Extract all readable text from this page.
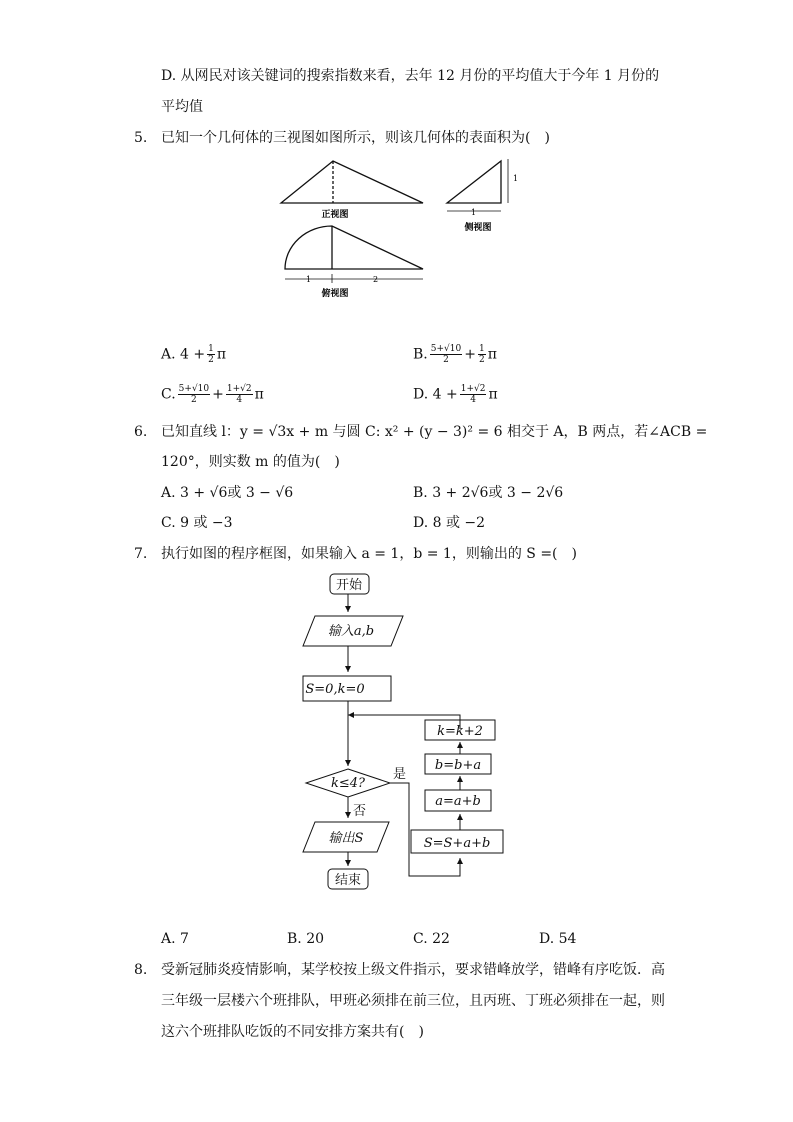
D. 从网民对该关键词的搜索指数来看，去年 12 月份的平均值大于今年 1 月份的
平均值
5. 已知一个几何体的三视图如图所示，则该几何体的表面积为(　)
正视图
1
1
侧视图
1	2
俯视图
A. $4 + \frac{1}{2}$ π	B. $\frac{5+√10}{2} + \frac{1}{2}$ π
C. $\frac{5+√10}{2} + \frac{1+√2}{4}$ π	D. $4 + \frac{1+√2}{4}$ π
6. 已知直线 l：y = √3x + m 与圆 C: x² + (y − 3)² = 6 相交于 A，B 两点，若∠ACB =
120°，则实数 m 的值为(　)
A. 3 + √6或 3 − √6	B. 3 + 2√6或 3 − 2√6
C. 9 或 −3	D. 8 或 −2
7. 执行如图的程序框图，如果输入 a = 1，b = 1，则输出的 S =(　)
开始
输入a,b
S=0,k=0
k≤4?
是
否
输出S
结束
S=S+a+b
a=a+b
b=b+a
k=k+2
A. 7	B. 20	C. 22	D. 54
8. 受新冠肺炎疫情影响，某学校按上级文件指示，要求错峰放学，错峰有序吃饭．高
三年级一层楼六个班排队，甲班必须排在前三位，且丙班、丁班必须排在一起，则
这六个班排队吃饭的不同安排方案共有(　)
